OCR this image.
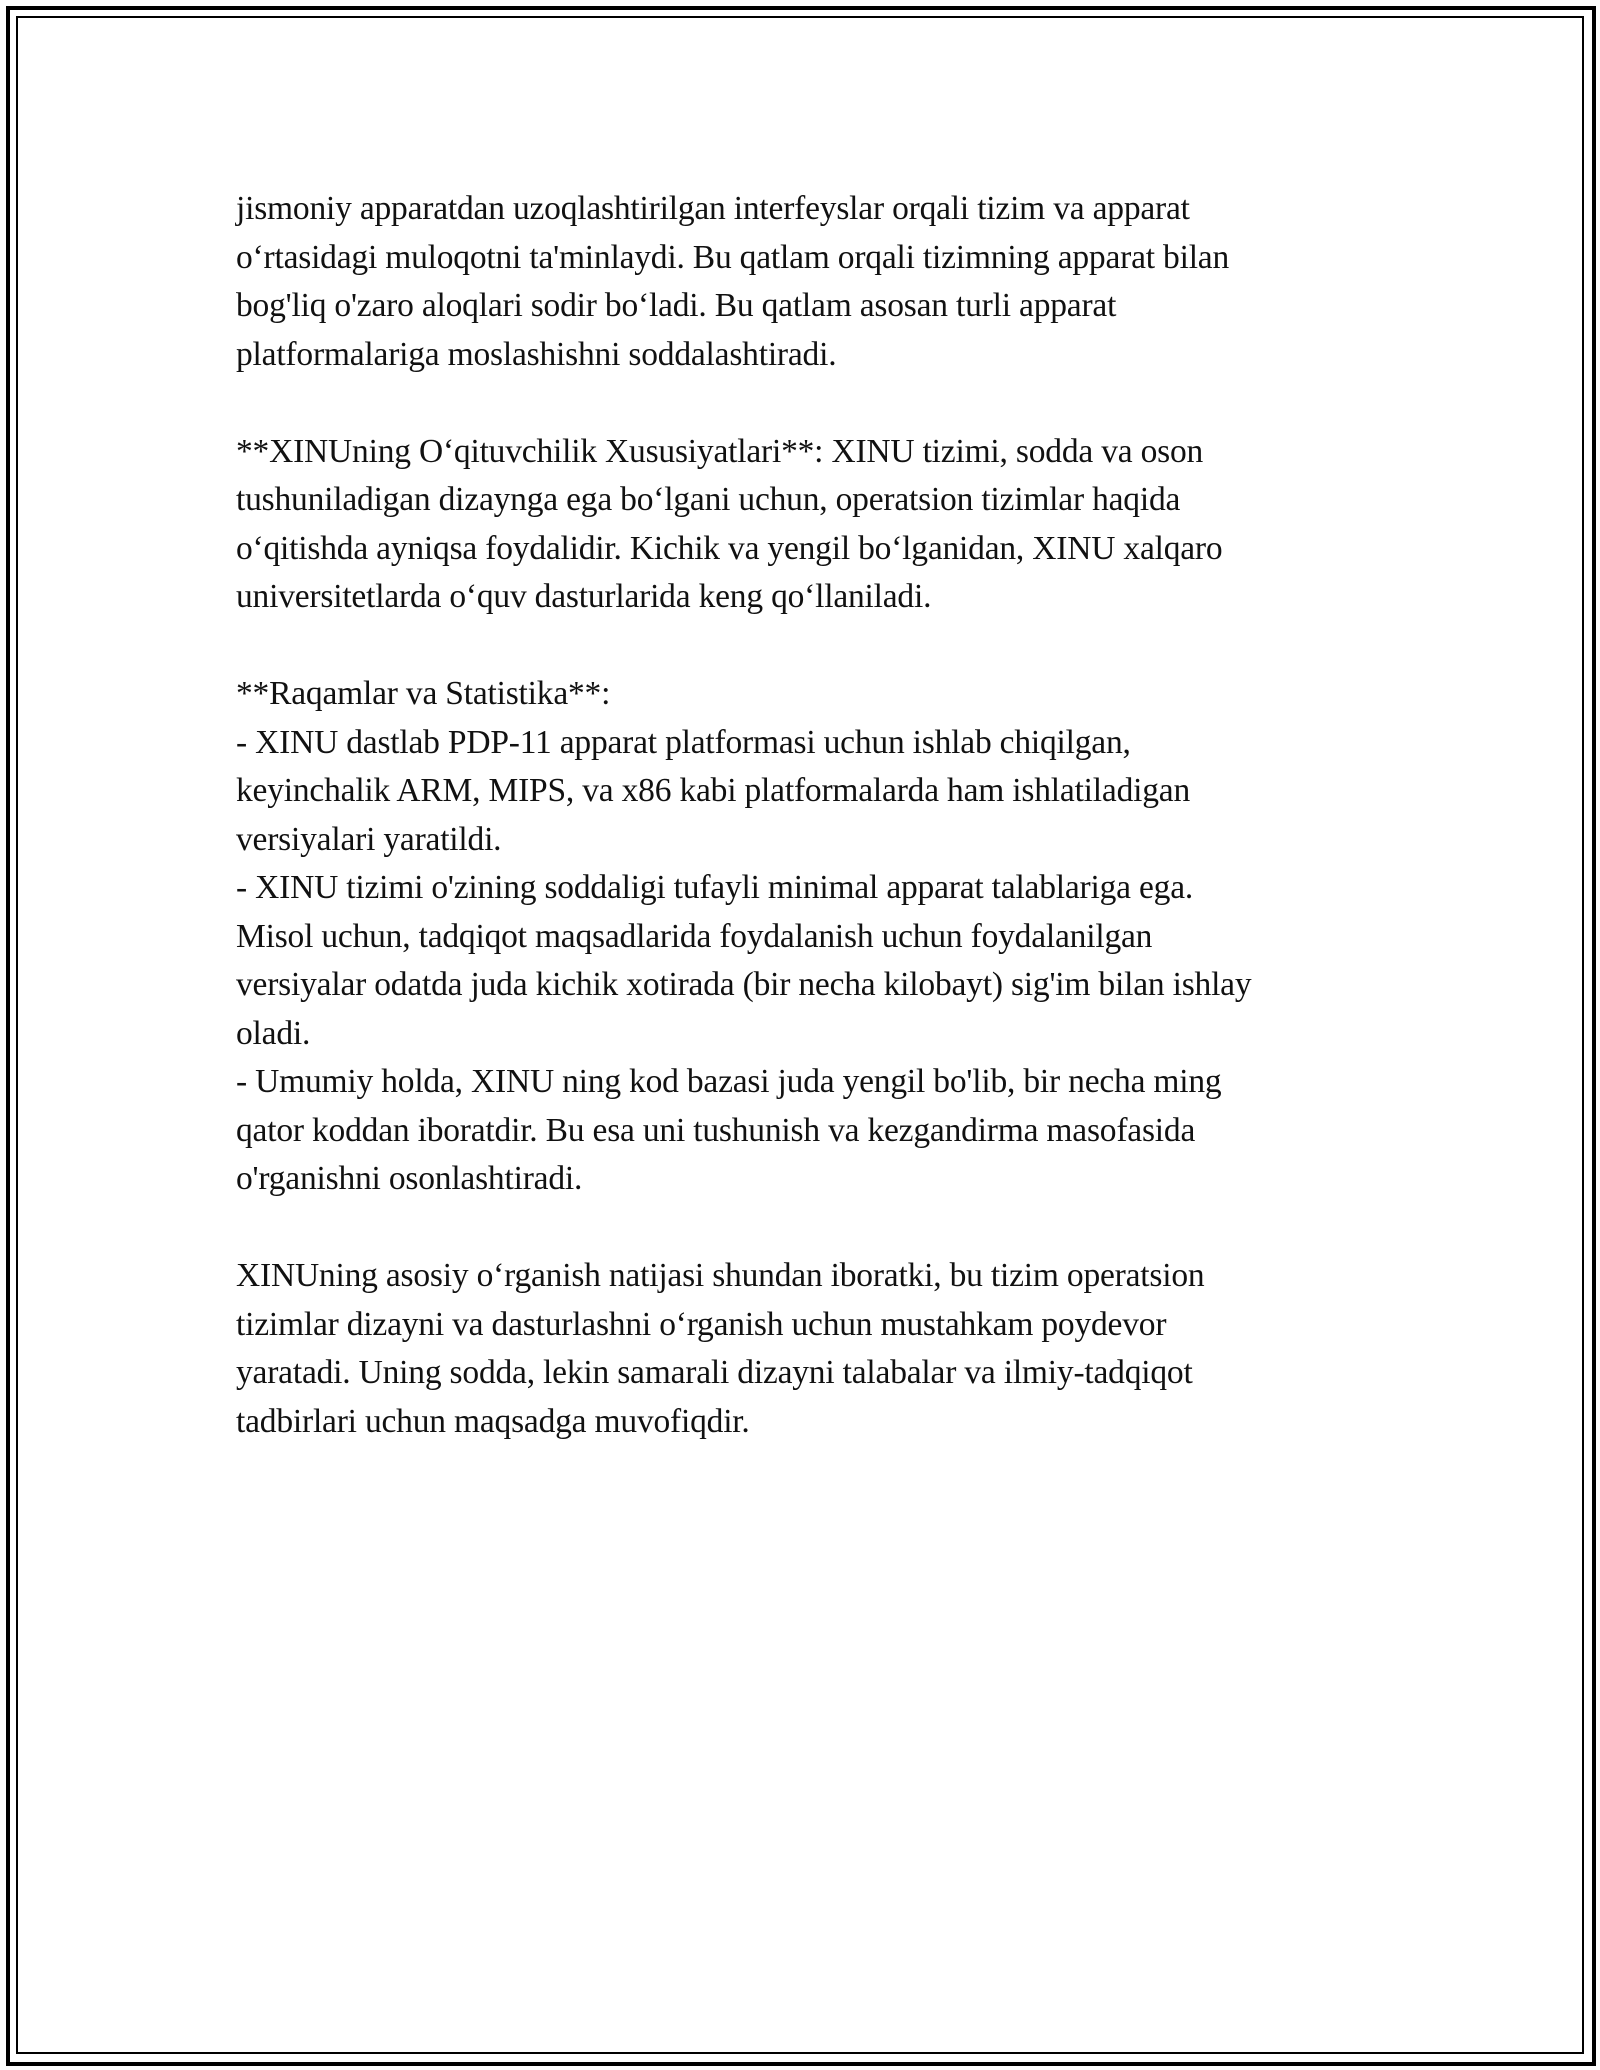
jismoniy apparatdan uzoqlashtirilgan interfeyslar orqali tizim va apparat
o‘rtasidagi muloqotni ta'minlaydi. Bu qatlam orqali tizimning apparat bilan
bog'liq o'zaro aloqlari sodir bo‘ladi. Bu qatlam asosan turli apparat
platformalariga moslashishni soddalashtiradi.

**XINUning O‘qituvchilik Xususiyatlari**: XINU tizimi, sodda va oson
tushuniladigan dizaynga ega bo‘lgani uchun, operatsion tizimlar haqida
o‘qitishda ayniqsa foydalidir. Kichik va yengil bo‘lganidan, XINU xalqaro
universitetlarda o‘quv dasturlarida keng qo‘llaniladi.

**Raqamlar va Statistika**:
- XINU dastlab PDP-11 apparat platformasi uchun ishlab chiqilgan,
keyinchalik ARM, MIPS, va x86 kabi platformalarda ham ishlatiladigan
versiyalari yaratildi.
- XINU tizimi o'zining soddaligi tufayli minimal apparat talablariga ega.
Misol uchun, tadqiqot maqsadlarida foydalanish uchun foydalanilgan
versiyalar odatda juda kichik xotirada (bir necha kilobayt) sig'im bilan ishlay
oladi.
- Umumiy holda, XINU ning kod bazasi juda yengil bo'lib, bir necha ming
qator koddan iboratdir. Bu esa uni tushunish va kezgandirma masofasida
o'rganishni osonlashtiradi.

XINUning asosiy o‘rganish natijasi shundan iboratki, bu tizim operatsion
tizimlar dizayni va dasturlashni o‘rganish uchun mustahkam poydevor
yaratadi. Uning sodda, lekin samarali dizayni talabalar va ilmiy-tadqiqot
tadbirlari uchun maqsadga muvofiqdir.
